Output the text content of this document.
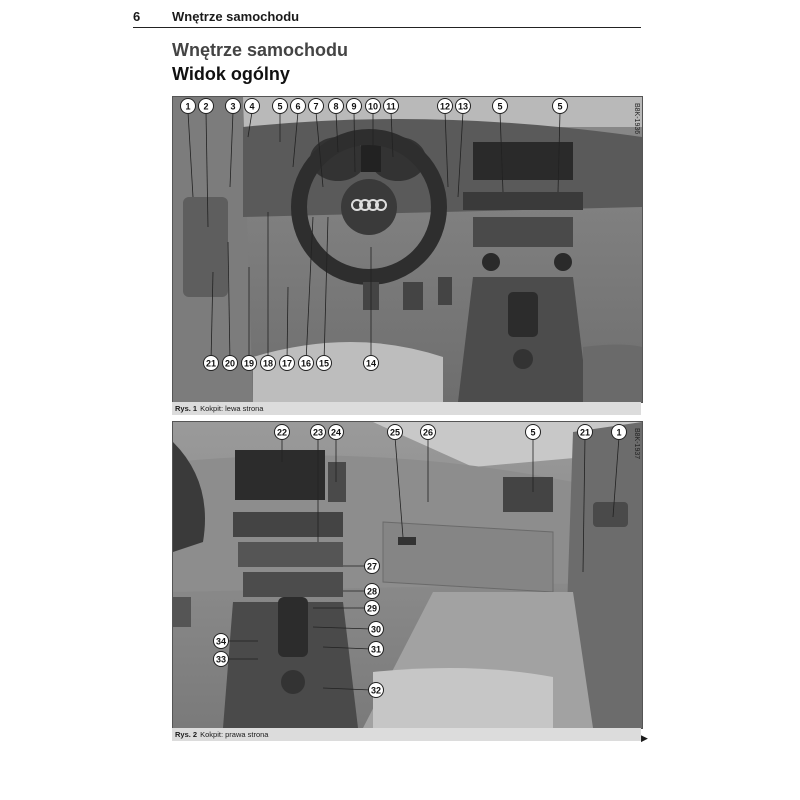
6 Wnętrze samochodu
Wnętrze samochodu
Widok ogólny
1 2 3 4	5 6 7 8 9 10 11	12 13	5	5
21 20 19 18 17 16 15	14
B8K-1936
Rys. 1 Kokpit: lewa strona
22	23 24	25	26	5	21	1
27
28
29
30
34
31
33
32
B8K-1937
Rys. 2 Kokpit: prawa strona	▶
